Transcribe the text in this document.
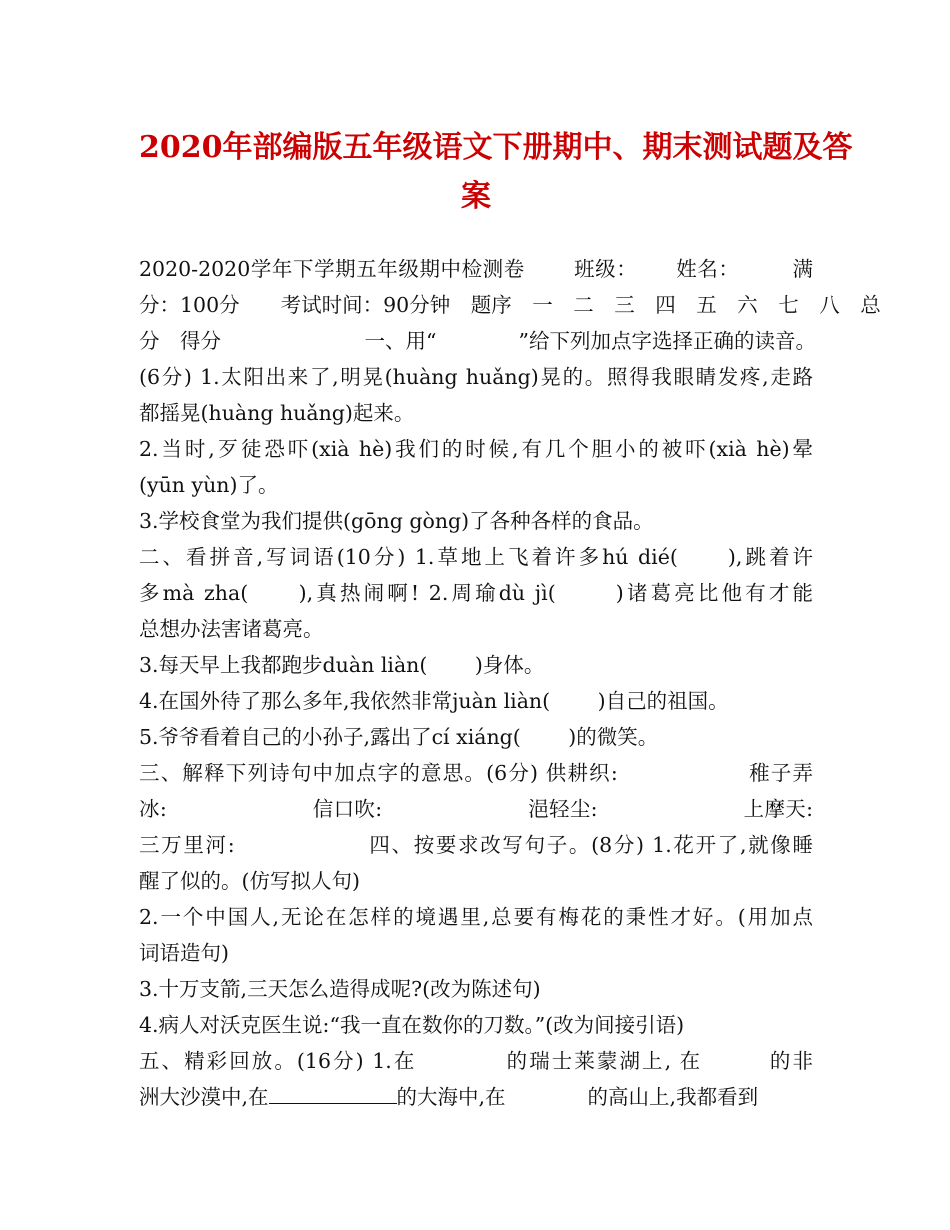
2020年部编版五年级语文下册期中、期末测试题及答
案
2020-2020学年下学期五年级期中检测卷　　 班级：　　 姓名：　　　满
分：100分　　考试时间：90分钟　题序　一　二　三　四　五　六　七　八　总
分　得分　　　　　　　一、用“　　　　”给下列加点字选择正确的读音。
(6分) 1.太阳出来了,明晃(huàng huǎng)晃的。照得我眼睛发疼,走路
都摇晃(huàng huǎng)起来。
2.当时,歹徒恐吓(xià hè)我们的时候,有几个胆小的被吓(xià hè)晕
(yūn yùn)了。
3.学校食堂为我们提供(gōng gòng)了各种各样的食品。
二、看拼音,写词语(10分) 1.草地上飞着许多hú dié(　　),跳着许
多mà zha(　　),真热闹啊! 2.周瑜dù jì(　　 )诸葛亮比他有才能
总想办法害诸葛亮。
3.每天早上我都跑步duàn liàn(　　 )身体。
4.在国外待了那么多年,我依然非常juàn liàn(　　 )自己的祖国。
5.爷爷看着自己的小孙子,露出了cí xiáng(　　 )的微笑。
三、解释下列诗句中加点字的意思。(6分) 供耕织:　　　　　　稚子弄
冰:　　　　　　　信口吹:　　　　　　　浥轻尘:　　　　　　　上摩天:
三万里河:　　　　　　四、按要求改写句子。(8分) 1.花开了,就像睡
醒了似的。(仿写拟人句)
2.一个中国人,无论在怎样的境遇里,总要有梅花的秉性才好。(用加点
词语造句)
3.十万支箭,三天怎么造得成呢?(改为陈述句)
4.病人对沃克医生说:“我一直在数你的刀数。”(改为间接引语)
五、精彩回放。(16分) 1.在　　　　的瑞士莱蒙湖上, 在　　　的非
洲大沙漠中,在	的大海中,在　　　　的高山上,我都看到
